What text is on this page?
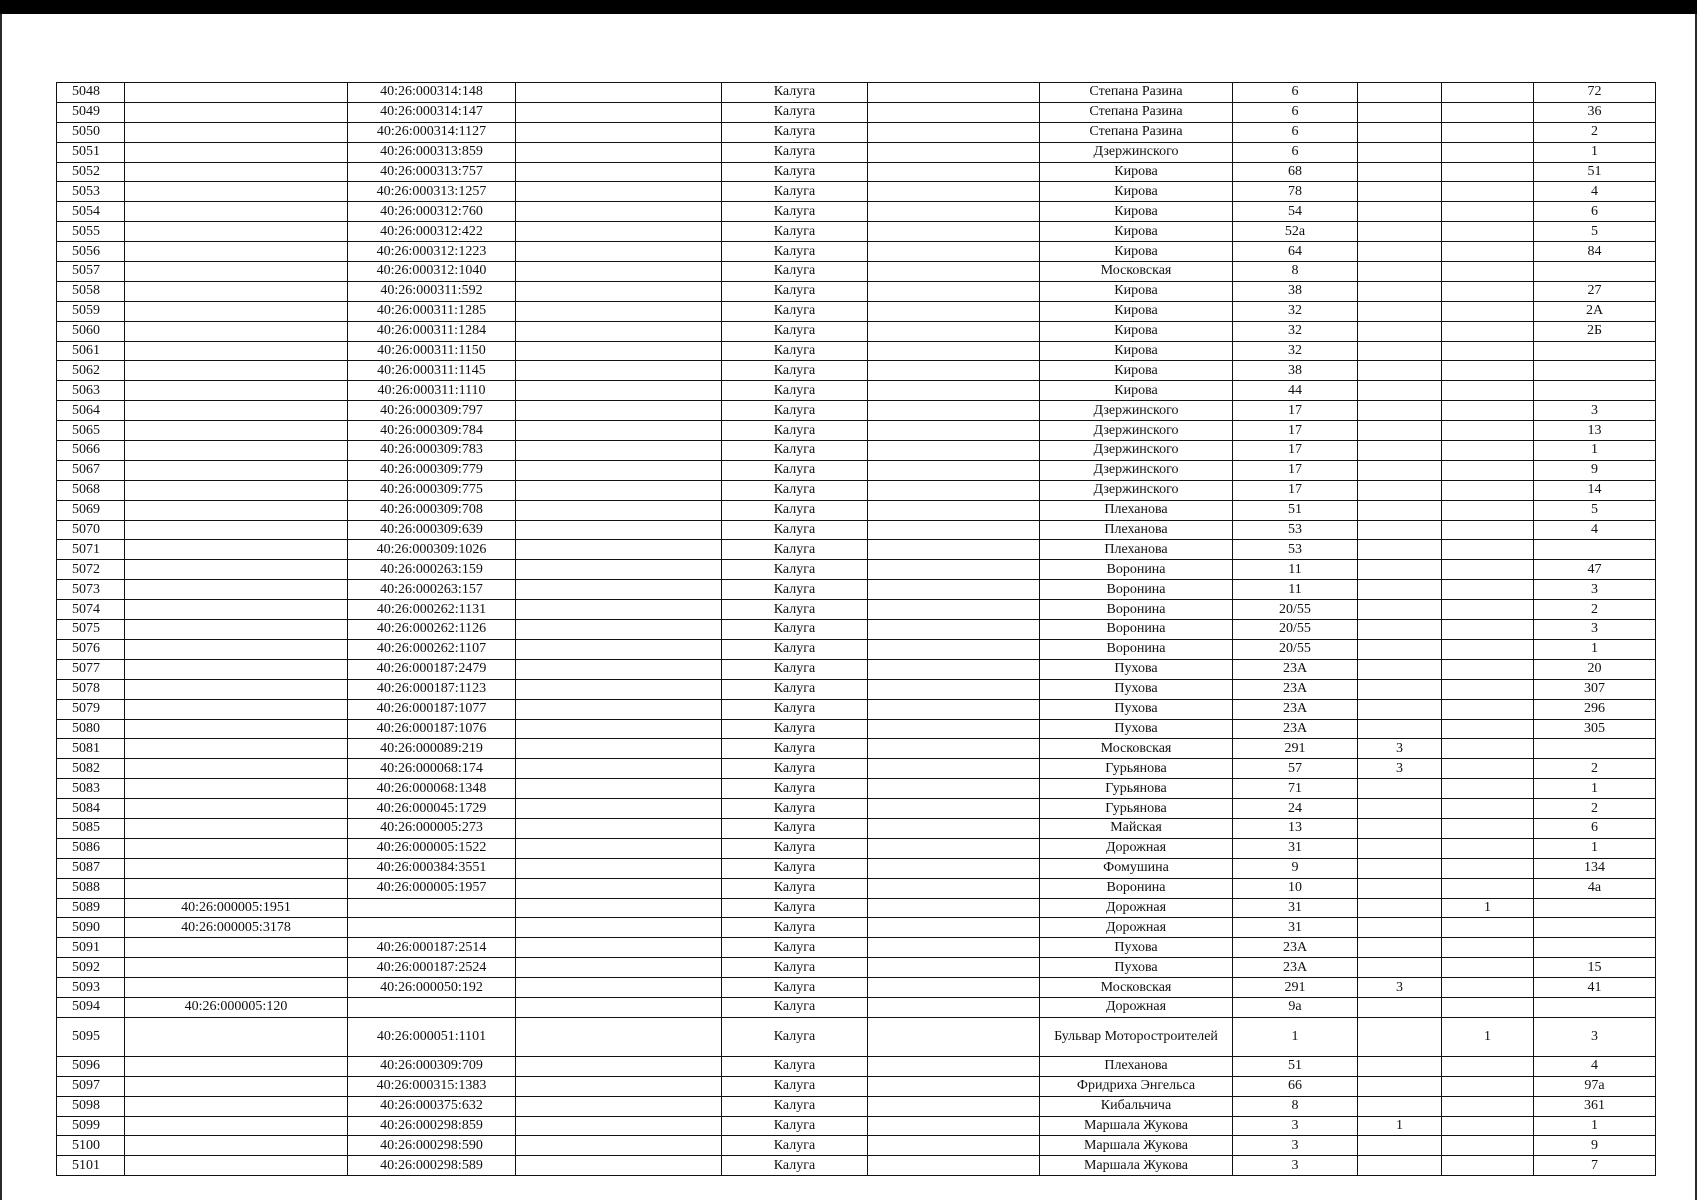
5048		40:26:000314:148		Калуга		Степана Разина	6			72
5049		40:26:000314:147		Калуга		Степана Разина	6			36
5050		40:26:000314:1127		Калуга		Степана Разина	6			2
5051		40:26:000313:859		Калуга		Дзержинского	6			1
5052		40:26:000313:757		Калуга		Кирова	68			51
5053		40:26:000313:1257		Калуга		Кирова	78			4
5054		40:26:000312:760		Калуга		Кирова	54			6
5055		40:26:000312:422		Калуга		Кирова	52а			5
5056		40:26:000312:1223		Калуга		Кирова	64			84
5057		40:26:000312:1040		Калуга		Московская	8			
5058		40:26:000311:592		Калуга		Кирова	38			27
5059		40:26:000311:1285		Калуга		Кирова	32			2А
5060		40:26:000311:1284		Калуга		Кирова	32			2Б
5061		40:26:000311:1150		Калуга		Кирова	32			
5062		40:26:000311:1145		Калуга		Кирова	38			
5063		40:26:000311:1110		Калуга		Кирова	44			
5064		40:26:000309:797		Калуга		Дзержинского	17			3
5065		40:26:000309:784		Калуга		Дзержинского	17			13
5066		40:26:000309:783		Калуга		Дзержинского	17			1
5067		40:26:000309:779		Калуга		Дзержинского	17			9
5068		40:26:000309:775		Калуга		Дзержинского	17			14
5069		40:26:000309:708		Калуга		Плеханова	51			5
5070		40:26:000309:639		Калуга		Плеханова	53			4
5071		40:26:000309:1026		Калуга		Плеханова	53			
5072		40:26:000263:159		Калуга		Воронина	11			47
5073		40:26:000263:157		Калуга		Воронина	11			3
5074		40:26:000262:1131		Калуга		Воронина	20/55			2
5075		40:26:000262:1126		Калуга		Воронина	20/55			3
5076		40:26:000262:1107		Калуга		Воронина	20/55			1
5077		40:26:000187:2479		Калуга		Пухова	23А			20
5078		40:26:000187:1123		Калуга		Пухова	23А			307
5079		40:26:000187:1077		Калуга		Пухова	23А			296
5080		40:26:000187:1076		Калуга		Пухова	23А			305
5081		40:26:000089:219		Калуга		Московская	291	3		
5082		40:26:000068:174		Калуга		Гурьянова	57	3		2
5083		40:26:000068:1348		Калуга		Гурьянова	71			1
5084		40:26:000045:1729		Калуга		Гурьянова	24			2
5085		40:26:000005:273		Калуга		Майская	13			6
5086		40:26:000005:1522		Калуга		Дорожная	31			1
5087		40:26:000384:3551		Калуга		Фомушина	9			134
5088		40:26:000005:1957		Калуга		Воронина	10			4а
5089	40:26:000005:1951			Калуга		Дорожная	31		1	
5090	40:26:000005:3178			Калуга		Дорожная	31			
5091		40:26:000187:2514		Калуга		Пухова	23А			
5092		40:26:000187:2524		Калуга		Пухова	23А			15
5093		40:26:000050:192		Калуга		Московская	291	3		41
5094	40:26:000005:120			Калуга		Дорожная	9а			
5095		40:26:000051:1101		Калуга		Бульвар Моторостроителей	1		1	3
5096		40:26:000309:709		Калуга		Плеханова	51			4
5097		40:26:000315:1383		Калуга		Фридриха Энгельса	66			97а
5098		40:26:000375:632		Калуга		Кибальчича	8			361
5099		40:26:000298:859		Калуга		Маршала Жукова	3	1		1
5100		40:26:000298:590		Калуга		Маршала Жукова	3			9
5101		40:26:000298:589		Калуга		Маршала Жукова	3			7
